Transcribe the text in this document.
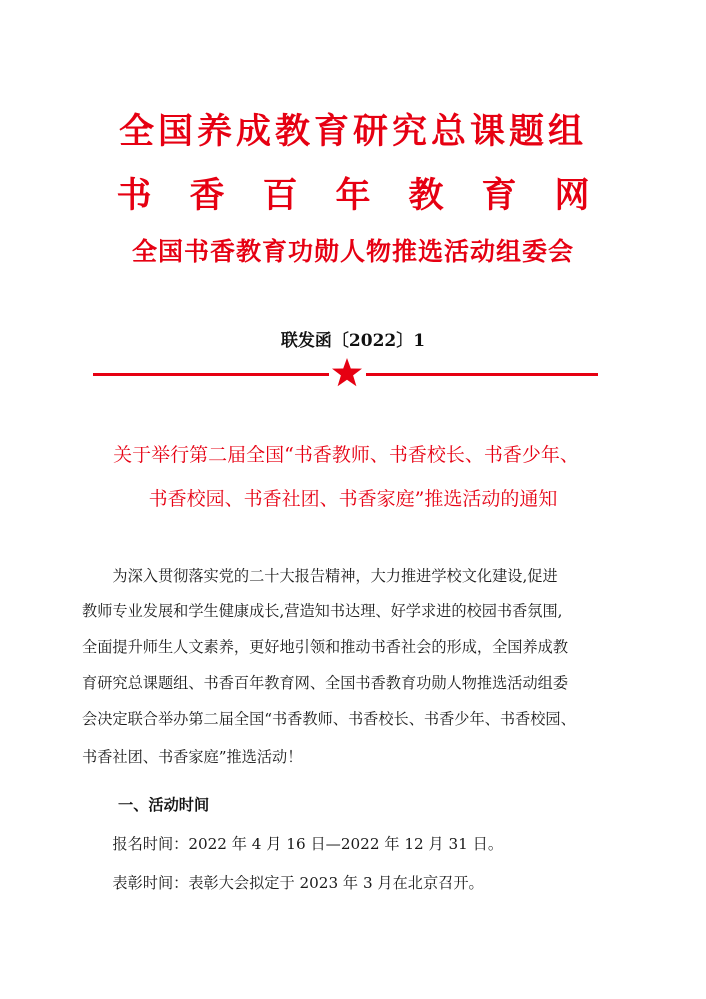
全国养成教育研究总课题组
书香百年教育网
全国书香教育功勋人物推选活动组委会
联发函〔2022〕1
关于举行第二届全国“书香教师、书香校长、书香少年、
书香校园、书香社团、书香家庭”推选活动的通知
　　为深入贯彻落实党的二十大报告精神，大力推进学校文化建设,促进
教师专业发展和学生健康成长,营造知书达理、好学求进的校园书香氛围,
全面提升师生人文素养，更好地引领和推动书香社会的形成，全国养成教
育研究总课题组、书香百年教育网、全国书香教育功勋人物推选活动组委
会决定联合举办第二届全国“书香教师、书香校长、书香少年、书香校园、
书香社团、书香家庭”推选活动！
一、活动时间
　　报名时间：2022 年 4 月 16 日—2022 年 12 月 31 日。
　　表彰时间：表彰大会拟定于 2023 年 3 月在北京召开。
